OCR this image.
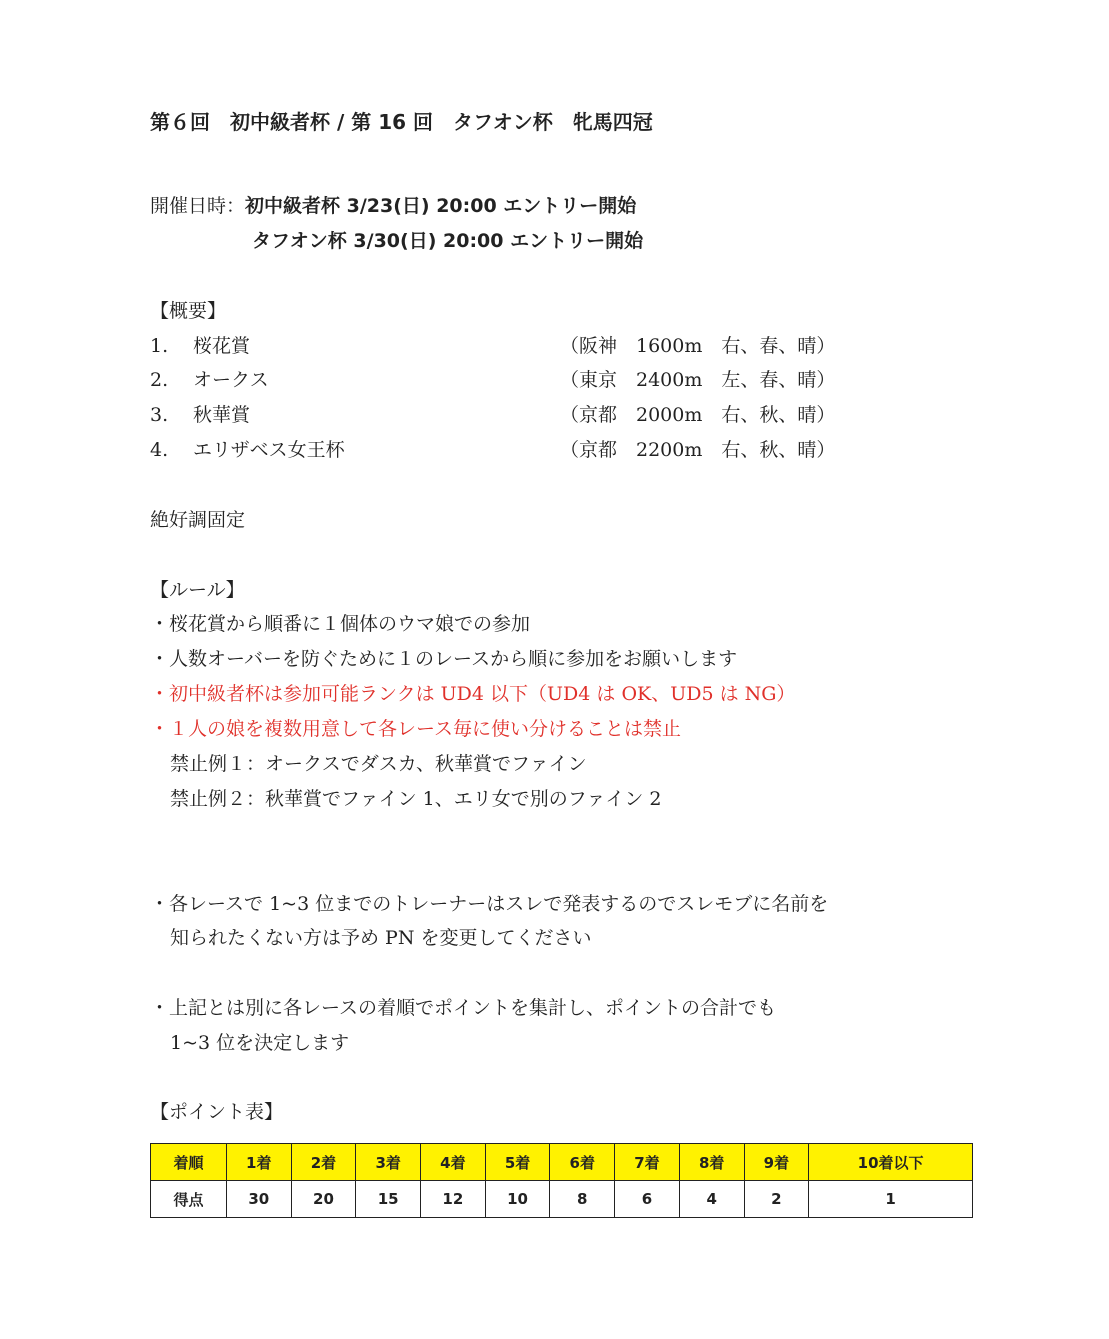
第６回　初中級者杯 / 第 16 回　タフオン杯　牝馬四冠
開催日時：初中級者杯 3/23(日) 20:00 エントリー開始
タフオン杯 3/30(日) 20:00 エントリー開始
【概要】
1. 桜花賞	（阪神　1600m　右、春、晴）
2. オークス	（東京　2400m　左、春、晴）
3. 秋華賞	（京都　2000m　右、秋、晴）
4. エリザベス女王杯	（京都　2200m　右、秋、晴）
絶好調固定
【ルール】
・桜花賞から順番に１個体のウマ娘での参加
・人数オーバーを防ぐために１のレースから順に参加をお願いします
・初中級者杯は参加可能ランクは UD4 以下（UD4 は OK、UD5 は NG）
・１人の娘を複数用意して各レース毎に使い分けることは禁止
禁止例１：オークスでダスカ、秋華賞でファイン
禁止例２：秋華賞でファイン 1、エリ女で別のファイン 2
・各レースで 1~3 位までのトレーナーはスレで発表するのでスレモブに名前を
知られたくない方は予め PN を変更してください
・上記とは別に各レースの着順でポイントを集計し、ポイントの合計でも
1~3 位を決定します
【ポイント表】
着順	1着	2着	3着	4着	5着	6着	7着	8着	9着	10着以下
得点	30	20	15	12	10	8	6	4	2	1
